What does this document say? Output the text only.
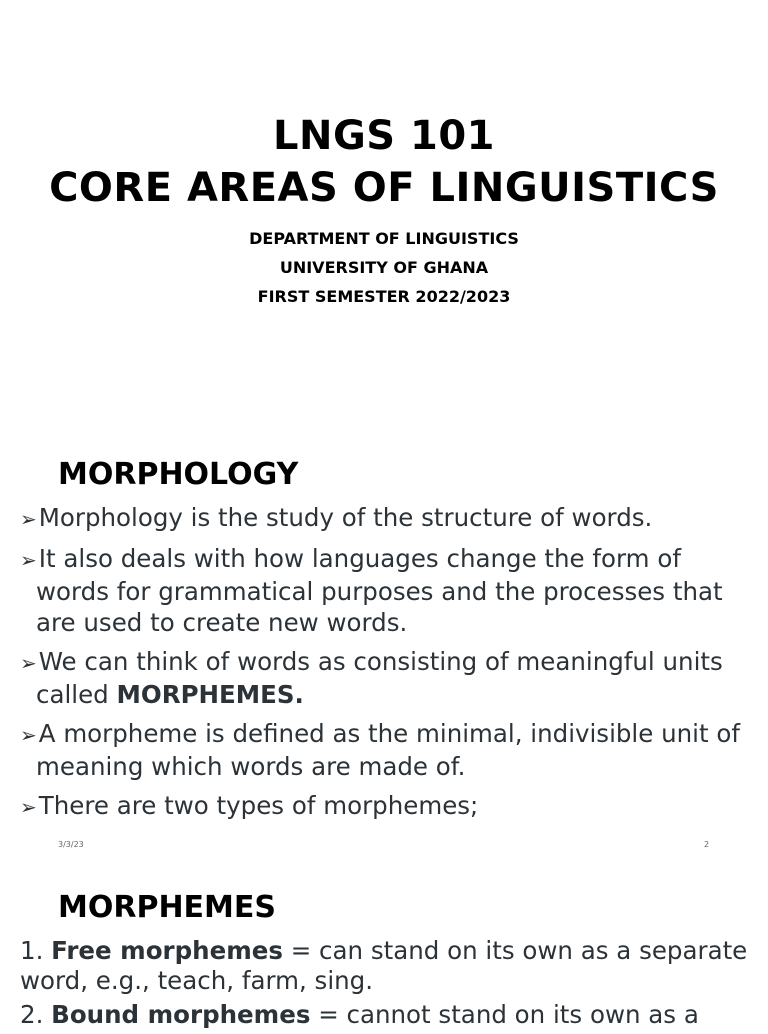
LNGS 101
CORE AREAS OF LINGUISTICS
DEPARTMENT OF LINGUISTICS
UNIVERSITY OF GHANA
FIRST SEMESTER 2022/2023
MORPHOLOGY
➢Morphology is the study of the structure of words.
➢It also deals with how languages change the form of words for grammatical purposes and the processes that are used to create new words.
➢We can think of words as consisting of meaningful units called MORPHEMES.
➢A morpheme is defined as the minimal, indivisible unit of meaning which words are made of.
➢There are two types of morphemes;
3/3/23	2
MORPHEMES
1. Free morphemes = can stand on its own as a separate word, e.g., teach, farm, sing.
2. Bound morphemes = cannot stand on its own as a
